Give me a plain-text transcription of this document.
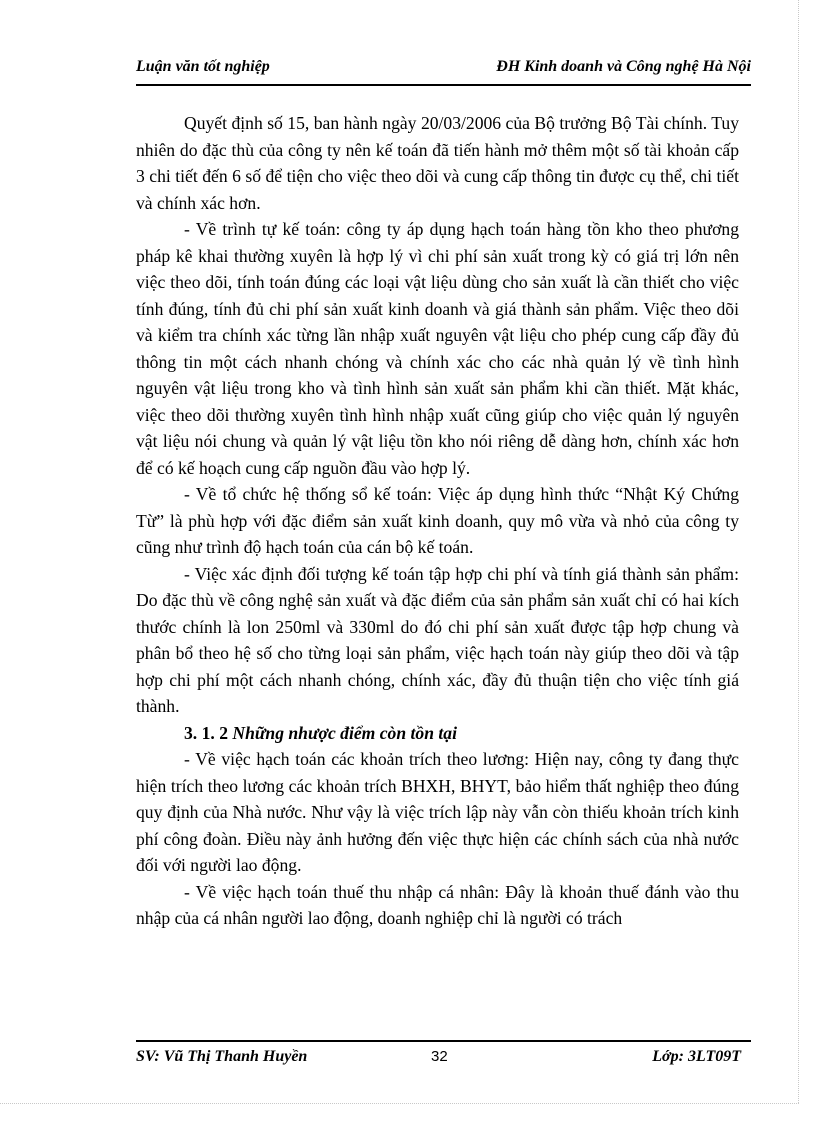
Luận văn tốt nghiệp	ĐH Kinh doanh và Công nghệ Hà Nội

Quyết định số 15, ban hành ngày 20/03/2006 của Bộ trưởng Bộ Tài chính. Tuy nhiên do đặc thù của công ty nên kế toán đã tiến hành mở thêm một số tài khoản cấp 3 chi tiết đến 6 số để tiện cho việc theo dõi và cung cấp thông tin được cụ thể, chi tiết và chính xác hơn.

- Về trình tự kế toán: công ty áp dụng hạch toán hàng tồn kho theo phương pháp kê khai thường xuyên là hợp lý vì chi phí sản xuất trong kỳ có giá trị lớn nên việc theo dõi, tính toán đúng các loại vật liệu dùng cho sản xuất là cần thiết cho việc tính đúng, tính đủ chi phí sản xuất kinh doanh và giá thành sản phẩm. Việc theo dõi và kiểm tra chính xác từng lần nhập xuất nguyên vật liệu cho phép cung cấp đầy đủ thông tin một cách nhanh chóng và chính xác cho các nhà quản lý về tình hình nguyên vật liệu trong kho và tình hình sản xuất sản phẩm khi cần thiết. Mặt khác, việc theo dõi thường xuyên tình hình nhập xuất cũng giúp cho việc quản lý nguyên vật liệu nói chung và quản lý vật liệu tồn kho nói riêng dễ dàng hơn, chính xác hơn để có kế hoạch cung cấp nguồn đầu vào hợp lý.

- Về tổ chức hệ thống sổ kế toán: Việc áp dụng hình thức “Nhật Ký Chứng Từ” là phù hợp với đặc điểm sản xuất kinh doanh, quy mô vừa và nhỏ của công ty cũng như trình độ hạch toán của cán bộ kế toán.

- Việc xác định đối tượng kế toán tập hợp chi phí và tính giá thành sản phẩm: Do đặc thù về công nghệ sản xuất và đặc điểm của sản phẩm sản xuất chỉ có hai kích thước chính là lon 250ml và 330ml do đó chi phí sản xuất được tập hợp chung và phân bổ theo hệ số cho từng loại sản phẩm, việc hạch toán này giúp theo dõi và tập hợp chi phí một cách nhanh chóng, chính xác, đầy đủ thuận tiện cho việc tính giá thành.

3. 1. 2 Những nhược điểm còn tồn tại

- Về việc hạch toán các khoản trích theo lương: Hiện nay, công ty đang thực hiện trích theo lương các khoản trích BHXH, BHYT, bảo hiểm thất nghiệp theo đúng quy định của Nhà nước. Như vậy là việc trích lập này vẫn còn thiếu khoản trích kinh phí công đoàn. Điều này ảnh hưởng đến việc thực hiện các chính sách của nhà nước đối với người lao động.

- Về việc hạch toán thuế thu nhập cá nhân: Đây là khoản thuế đánh vào thu nhập của cá nhân người lao động, doanh nghiệp chỉ là người có trách

SV: Vũ Thị Thanh Huyền	32	Lớp: 3LT09T
